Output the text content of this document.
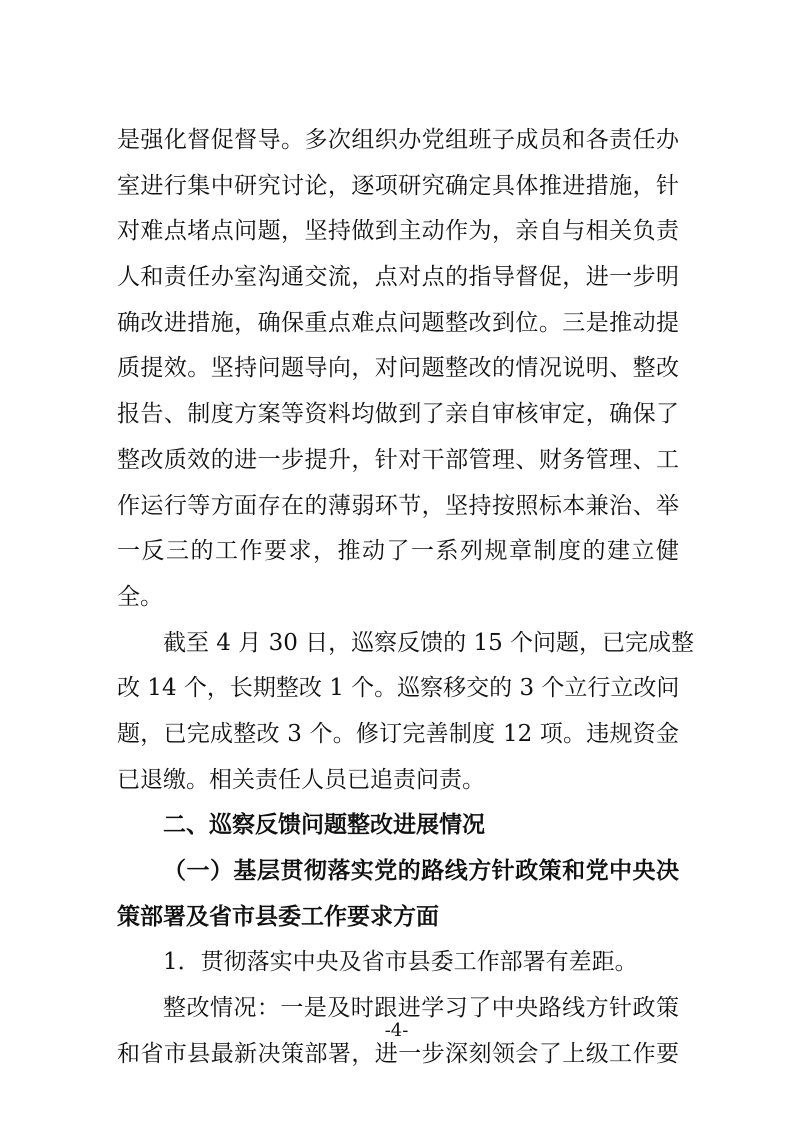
是强化督促督导。多次组织办党组班子成员和各责任办
室进行集中研究讨论，逐项研究确定具体推进措施，针
对难点堵点问题，坚持做到主动作为，亲自与相关负责
人和责任办室沟通交流，点对点的指导督促，进一步明
确改进措施，确保重点难点问题整改到位。三是推动提
质提效。坚持问题导向，对问题整改的情况说明、整改
报告、制度方案等资料均做到了亲自审核审定，确保了
整改质效的进一步提升，针对干部管理、财务管理、工
作运行等方面存在的薄弱环节，坚持按照标本兼治、举
一反三的工作要求，推动了一系列规章制度的建立健
全。
截至 4 月 30 日，巡察反馈的 15 个问题，已完成整
改 14 个，长期整改 1 个。巡察移交的 3 个立行立改问
题，已完成整改 3 个。修订完善制度 12 项。违规资金
已退缴。相关责任人员已追责问责。
二、巡察反馈问题整改进展情况
（一）基层贯彻落实党的路线方针政策和党中央决
策部署及省市县委工作要求方面
1．贯彻落实中央及省市县委工作部署有差距。
整改情况：一是及时跟进学习了中央路线方针政策
和省市县最新决策部署，进一步深刻领会了上级工作要
-4-
